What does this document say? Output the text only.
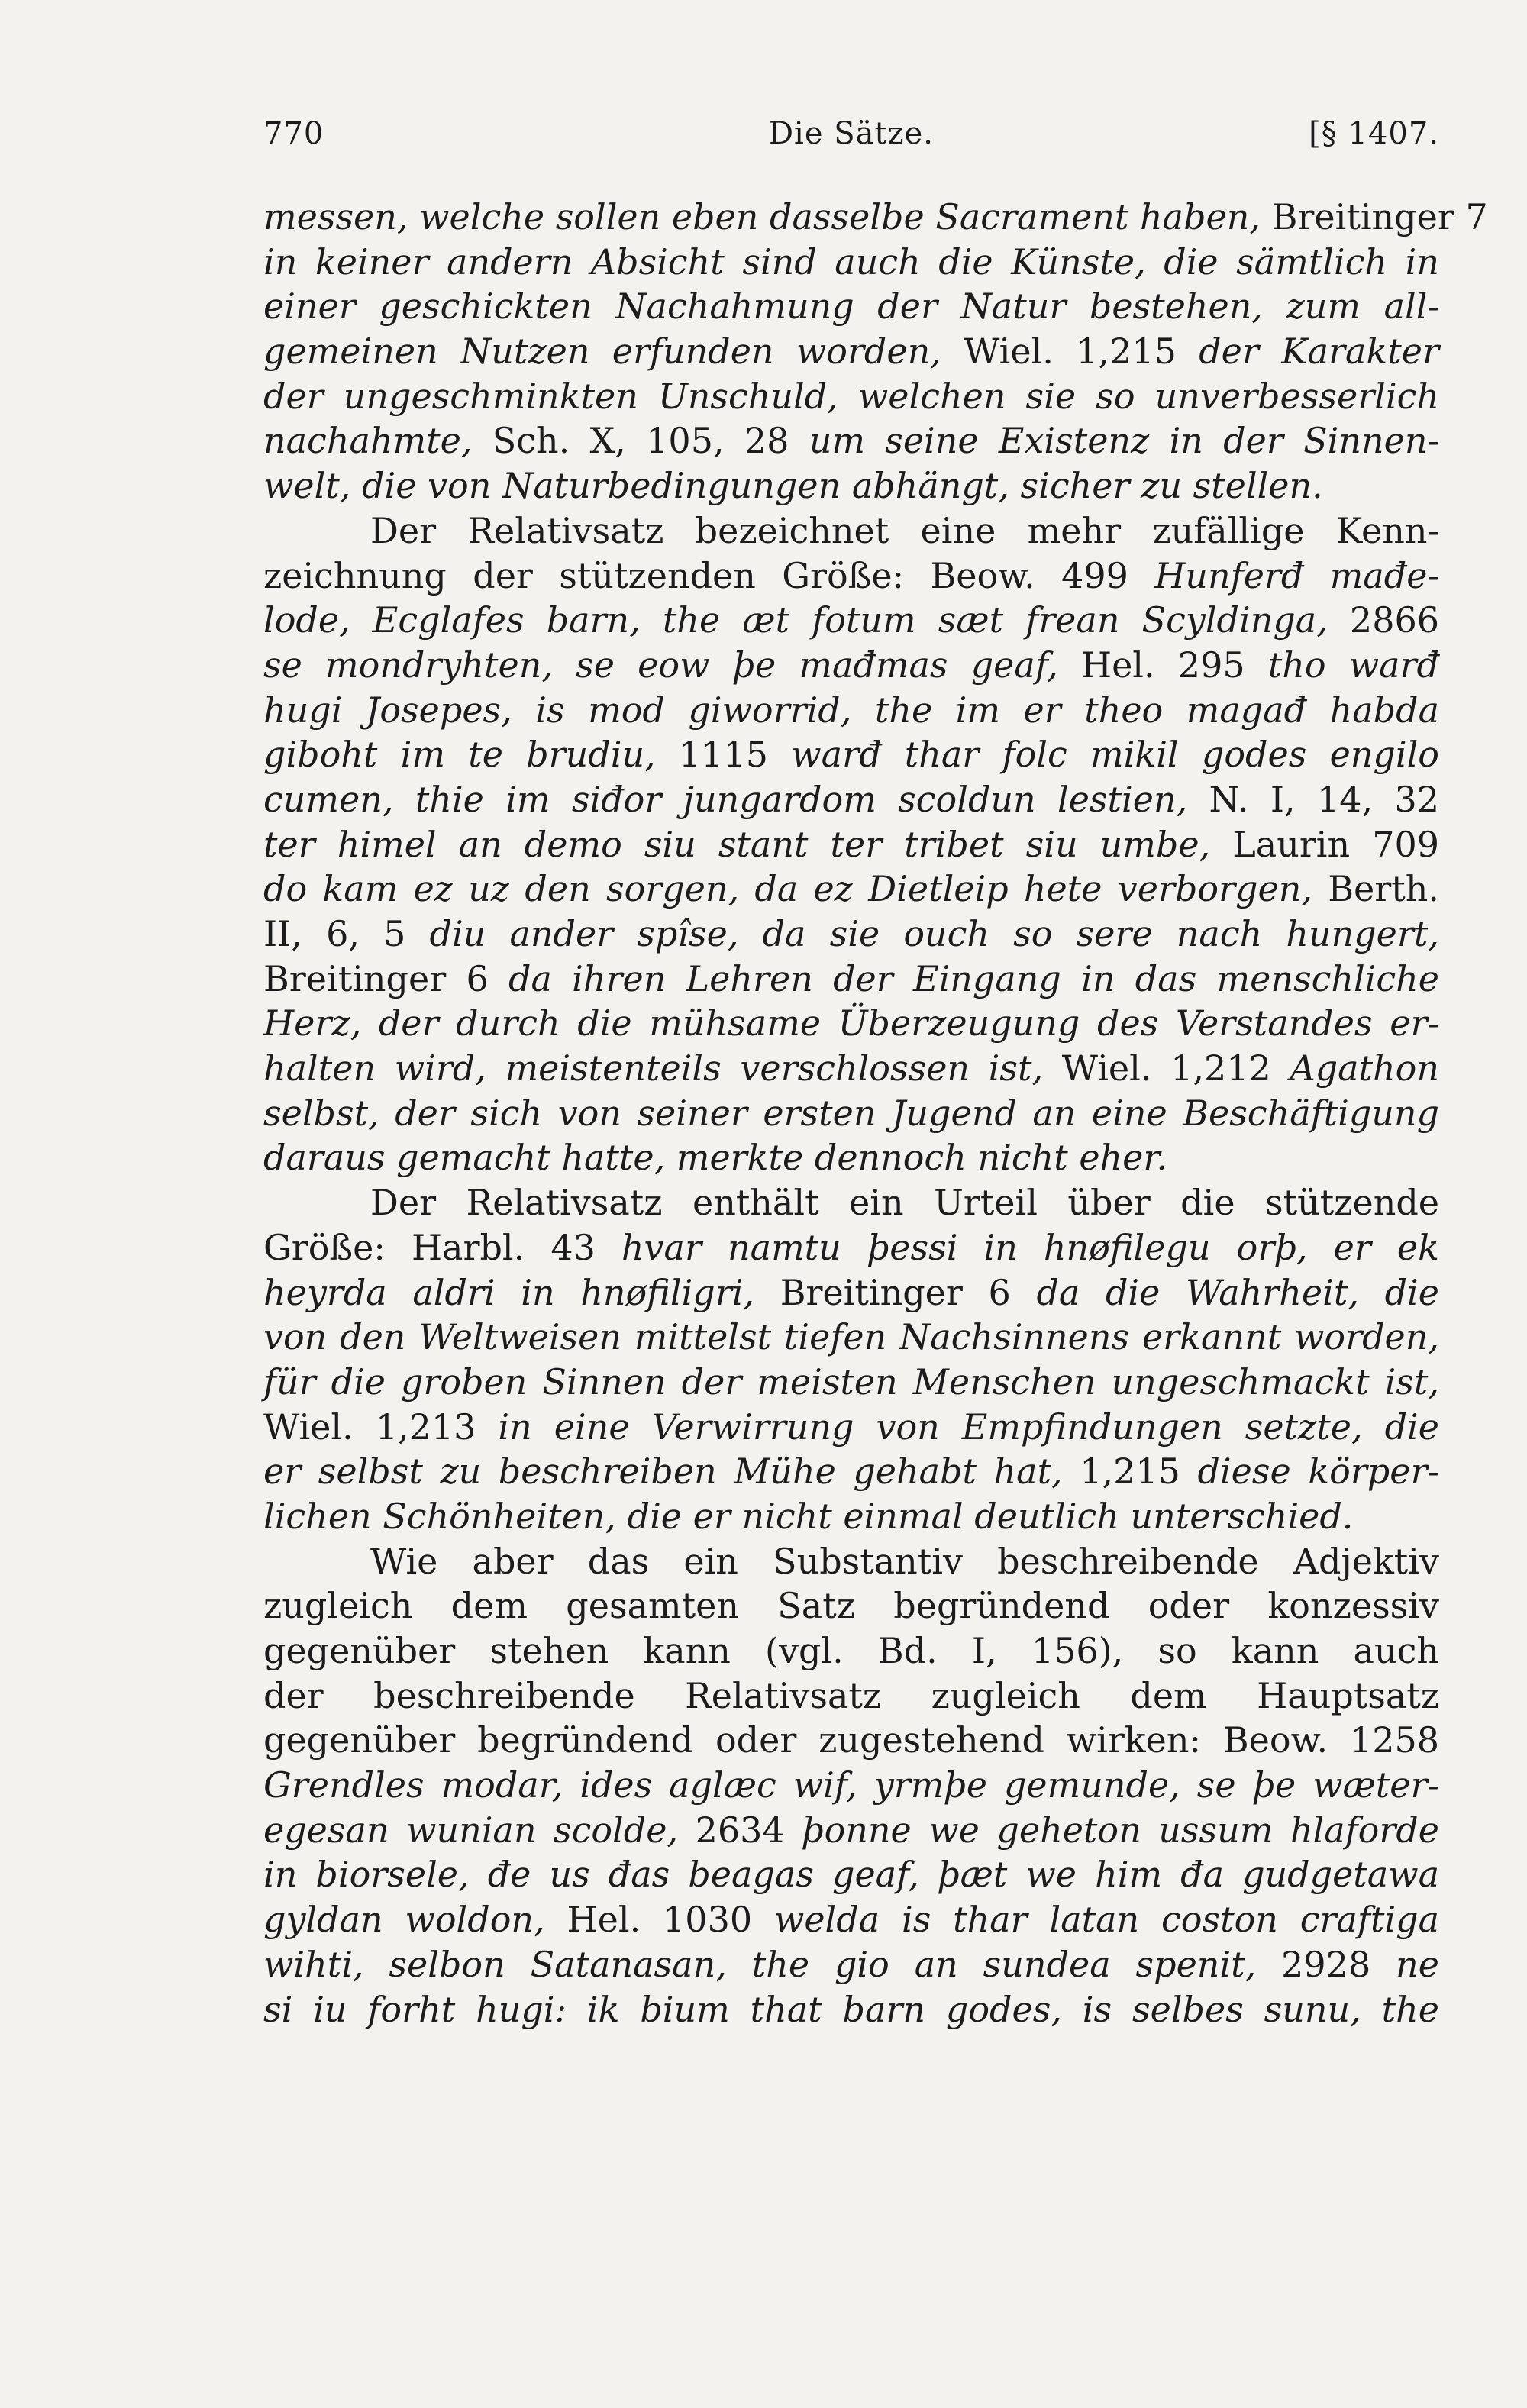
770	Die Sätze.	[§ 1407.
messen, welche sollen eben dasselbe Sacrament haben, Breitinger 7
in keiner andern Absicht sind auch die Künste, die sämtlich in
einer geschickten Nachahmung der Natur bestehen, zum all-
gemeinen Nutzen erfunden worden, Wiel. 1,215 der Karakter
der ungeschminkten Unschuld, welchen sie so unverbesserlich
nachahmte, Sch. X, 105, 28 um seine Existenz in der Sinnen-
welt, die von Naturbedingungen abhängt, sicher zu stellen.
Der Relativsatz bezeichnet eine mehr zufällige Kenn-
zeichnung der stützenden Größe: Beow. 499 Hunferđ mađe-
lode, Ecglafes barn, the æt fotum sæt frean Scyldinga, 2866
se mondryhten, se eow þe mađmas geaf, Hel. 295 tho warđ
hugi Josepes, is mod giworrid, the im er theo magađ habda
giboht im te brudiu, 1115 warđ thar folc mikil godes engilo
cumen, thie im siđor jungardom scoldun lestien, N. I, 14, 32
ter himel an demo siu stant ter tribet siu umbe, Laurin 709
do kam ez uz den sorgen, da ez Dietleip hete verborgen, Berth.
II, 6, 5 diu ander spîse, da sie ouch so sere nach hungert,
Breitinger 6 da ihren Lehren der Eingang in das menschliche
Herz, der durch die mühsame Überzeugung des Verstandes er-
halten wird, meistenteils verschlossen ist, Wiel. 1,212 Agathon
selbst, der sich von seiner ersten Jugend an eine Beschäftigung
daraus gemacht hatte, merkte dennoch nicht eher.
Der Relativsatz enthält ein Urteil über die stützende
Größe: Harbl. 43 hvar namtu þessi in hnøfilegu orþ, er ek
heyrda aldri in hnøfiligri, Breitinger 6 da die Wahrheit, die
von den Weltweisen mittelst tiefen Nachsinnens erkannt worden,
für die groben Sinnen der meisten Menschen ungeschmackt ist,
Wiel. 1,213 in eine Verwirrung von Empfindungen setzte, die
er selbst zu beschreiben Mühe gehabt hat, 1,215 diese körper-
lichen Schönheiten, die er nicht einmal deutlich unterschied.
Wie aber das ein Substantiv beschreibende Adjektiv
zugleich dem gesamten Satz begründend oder konzessiv
gegenüber stehen kann (vgl. Bd. I, 156), so kann auch
der beschreibende Relativsatz zugleich dem Hauptsatz
gegenüber begründend oder zugestehend wirken: Beow. 1258
Grendles modar, ides aglæc wif, yrmþe gemunde, se þe wæter-
egesan wunian scolde, 2634 þonne we geheton ussum hlaforde
in biorsele, đe us đas beagas geaf, þæt we him đa gudgetawa
gyldan woldon, Hel. 1030 welda is thar latan coston craftiga
wihti, selbon Satanasan, the gio an sundea spenit, 2928 ne
si iu forht hugi: ik bium that barn godes, is selbes sunu, the
